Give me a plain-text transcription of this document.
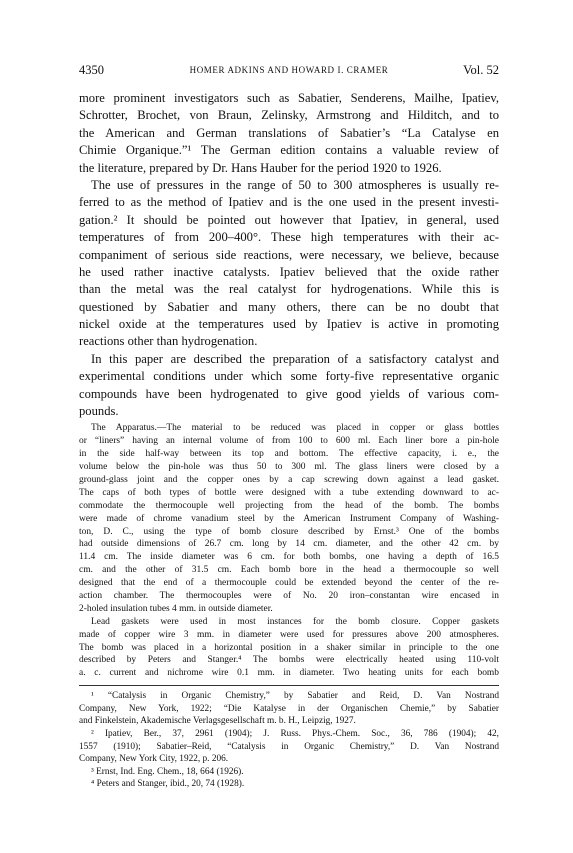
4350	HOMER ADKINS AND HOWARD I. CRAMER	Vol. 52
more prominent investigators such as Sabatier, Senderens, Mailhe, Ipatiev,
Schrotter, Brochet, von Braun, Zelinsky, Armstrong and Hilditch, and to
the American and German translations of Sabatier’s “La Catalyse en
Chimie Organique.”¹ The German edition contains a valuable review of
the literature, prepared by Dr. Hans Hauber for the period 1920 to 1926.
The use of pressures in the range of 50 to 300 atmospheres is usually re-
ferred to as the method of Ipatiev and is the one used in the present investi-
gation.² It should be pointed out however that Ipatiev, in general, used
temperatures of from 200–400°. These high temperatures with their ac-
companiment of serious side reactions, were necessary, we believe, because
he used rather inactive catalysts. Ipatiev believed that the oxide rather
than the metal was the real catalyst for hydrogenations. While this is
questioned by Sabatier and many others, there can be no doubt that
nickel oxide at the temperatures used by Ipatiev is active in promoting
reactions other than hydrogenation.
In this paper are described the preparation of a satisfactory catalyst and
experimental conditions under which some forty-five representative organic
compounds have been hydrogenated to give good yields of various com-
pounds.
The Apparatus.—The material to be reduced was placed in copper or glass bottles
or “liners” having an internal volume of from 100 to 600 ml. Each liner bore a pin-hole
in the side half-way between its top and bottom. The effective capacity, i. e., the
volume below the pin-hole was thus 50 to 300 ml. The glass liners were closed by a
ground-glass joint and the copper ones by a cap screwing down against a lead gasket.
The caps of both types of bottle were designed with a tube extending downward to ac-
commodate the thermocouple well projecting from the head of the bomb. The bombs
were made of chrome vanadium steel by the American Instrument Company of Washing-
ton, D. C., using the type of bomb closure described by Ernst.³ One of the bombs
had outside dimensions of 26.7 cm. long by 14 cm. diameter, and the other 42 cm. by
11.4 cm. The inside diameter was 6 cm. for both bombs, one having a depth of 16.5
cm. and the other of 31.5 cm. Each bomb bore in the head a thermocouple so well
designed that the end of a thermocouple could be extended beyond the center of the re-
action chamber. The thermocouples were of No. 20 iron–constantan wire encased in
2-holed insulation tubes 4 mm. in outside diameter.
Lead gaskets were used in most instances for the bomb closure. Copper gaskets
made of copper wire 3 mm. in diameter were used for pressures above 200 atmospheres.
The bomb was placed in a horizontal position in a shaker similar in principle to the one
described by Peters and Stanger.⁴ The bombs were electrically heated using 110-volt
a. c. current and nichrome wire 0.1 mm. in diameter. Two heating units for each bomb
¹ “Catalysis in Organic Chemistry,” by Sabatier and Reid, D. Van Nostrand
Company, New York, 1922; “Die Katalyse in der Organischen Chemie,” by Sabatier
and Finkelstein, Akademische Verlagsgesellschaft m. b. H., Leipzig, 1927.
² Ipatiev, Ber., 37, 2961 (1904); J. Russ. Phys.-Chem. Soc., 36, 786 (1904); 42,
1557 (1910); Sabatier–Reid, “Catalysis in Organic Chemistry,” D. Van Nostrand
Company, New York City, 1922, p. 206.
³ Ernst, Ind. Eng. Chem., 18, 664 (1926).
⁴ Peters and Stanger, ibid., 20, 74 (1928).
